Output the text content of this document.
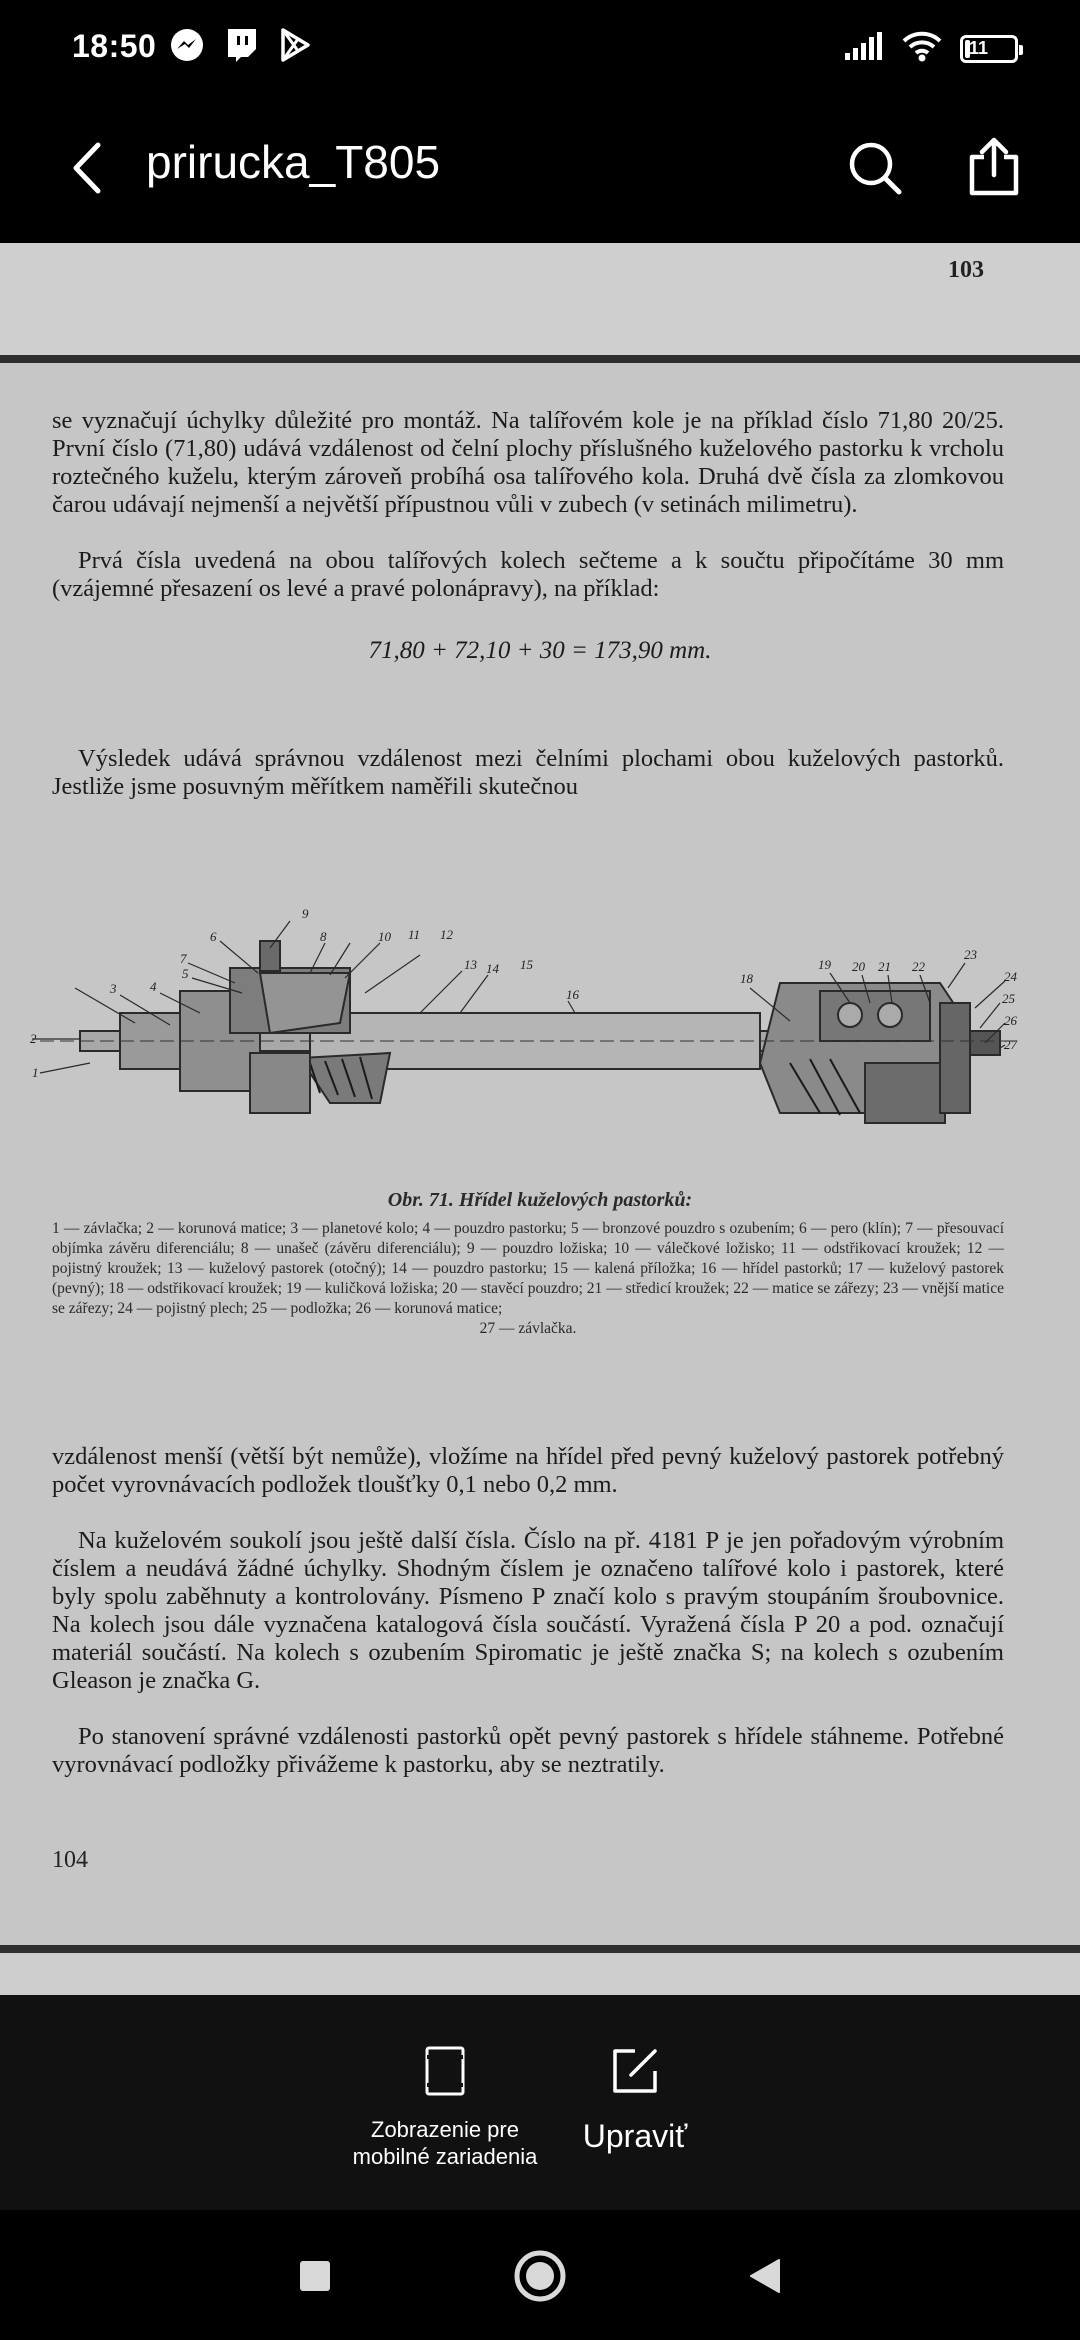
18:50	11
prirucka_T805
103
se vyznačují úchylky důležité pro montáž. Na talířovém kole je na příklad číslo 71,80 20/25. První číslo (71,80) udává vzdálenost od čelní plochy příslušného kuželového pastorku k vrcholu roztečného kuželu, kterým zároveň probíhá osa talířového kola. Druhá dvě čísla za zlomkovou čarou udávají nejmenší a největší přípustnou vůli v zubech (v setinách milimetru).
Prvá čísla uvedená na obou talířových kolech sečteme a k součtu připočítáme 30 mm (vzájemné přesazení os levé a pravé polonápravy), na příklad:
71,80 + 72,10 + 30 = 173,90 mm.
Výsledek udává správnou vzdálenost mezi čelními plochami obou kuželových pastorků. Jestliže jsme posuvným měřítkem naměřili skutečnou
2
1
3
7
5
6
4
9
8	10 11 12
13 14 15
16
18
19 20 21 22
23
24
25
26
27
Obr. 71. Hřídel kuželových pastorků:
1 — závlačka; 2 — korunová matice; 3 — planetové kolo; 4 — pouzdro pastorku; 5 — bronzové pouzdro s ozubením; 6 — pero (klín); 7 — přesouvací objímka závěru diferenciálu; 8 — unašeč (závěru diferenciálu); 9 — pouzdro ložiska; 10 — válečkové ložisko; 11 — odstřikovací kroužek; 12 — pojistný kroužek; 13 — kuželový pastorek (otočný); 14 — pouzdro pastorku; 15 — kalená příložka; 16 — hřídel pastorků; 17 — kuželový pastorek (pevný); 18 — odstřikovací kroužek; 19 — kuličková ložiska; 20 — stavěcí pouzdro; 21 — středicí kroužek; 22 — matice se zářezy; 23 — vnější matice se zářezy; 24 — pojistný plech; 25 — podložka; 26 — korunová matice;
27 — závlačka.
vzdálenost menší (větší být nemůže), vložíme na hřídel před pevný kuželový pastorek potřebný počet vyrovnávacích podložek tloušťky 0,1 nebo 0,2 mm.
Na kuželovém soukolí jsou ještě další čísla. Číslo na př. 4181 P je jen pořadovým výrobním číslem a neudává žádné úchylky. Shodným číslem je označeno talířové kolo i pastorek, které byly spolu zaběhnuty a kontrolovány. Písmeno P značí kolo s pravým stoupáním šroubovnice. Na kolech jsou dále vyznačena katalogová čísla součástí. Vyražená čísla P 20 a pod. označují materiál součástí. Na kolech s ozubením Spiromatic je ještě značka S; na kolech s ozubením Gleason je značka G.
Po stanovení správné vzdálenosti pastorků opět pevný pastorek s hřídele stáhneme. Potřebné vyrovnávací podložky přivážeme k pastorku, aby se neztratily.
104
Zobrazenie pre mobilné zariadenia
Upraviť
